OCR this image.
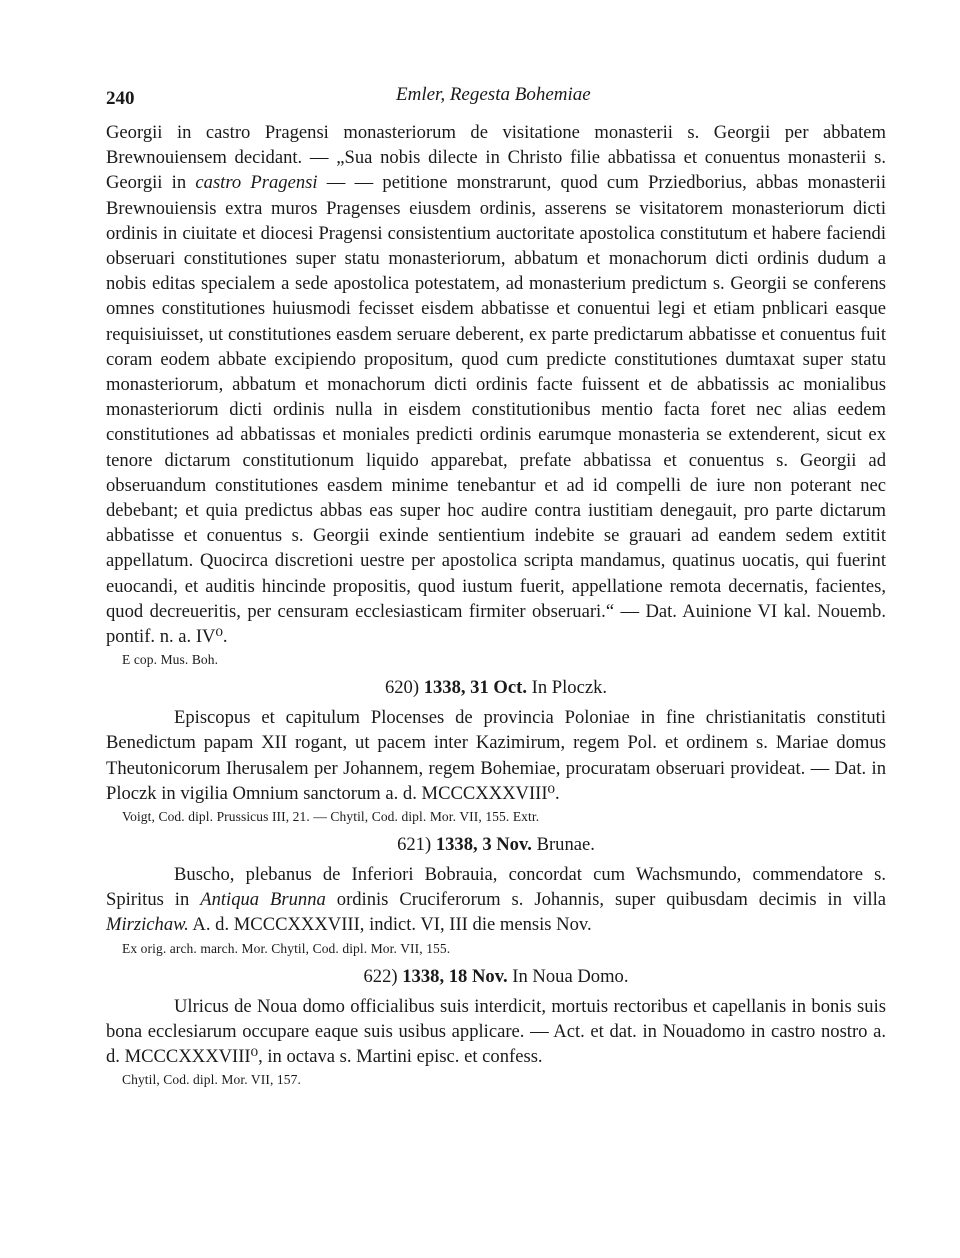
240	Emler, Regesta Bohemiae

Georgii in castro Pragensi monasteriorum de visitatione monasterii s. Georgii per abbatem Brewnouiensem decidant. — „Sua nobis dilecte in Christo filie abbatissa et conuentus monasterii s. Georgii in castro Pragensi — — petitione monstrarunt, quod cum Prziedborius, abbas monasterii Brewnouiensis extra muros Pragenses eiusdem ordinis, asserens se visitatorem monasteriorum dicti ordinis in ciuitate et diocesi Pragensi consistentium auctoritate apostolica constitutum et habere faciendi obseruari constitutiones super statu monasteriorum, abbatum et monachorum dicti ordinis dudum a nobis editas specialem a sede apostolica potestatem, ad monasterium predictum s. Georgii se conferens omnes constitutiones huiusmodi fecisset eisdem abbatisse et conuentui legi et etiam pnblicari easque requisiuisset, ut constitutiones easdem seruare deberent, ex parte predictarum abbatisse et conuentus fuit coram eodem abbate excipiendo propositum, quod cum predicte constitutiones dumtaxat super statu monasteriorum, abbatum et monachorum dicti ordinis facte fuissent et de abbatissis ac monialibus monasteriorum dicti ordinis nulla in eisdem constitutionibus mentio facta foret nec alias eedem constitutiones ad abbatissas et moniales predicti ordinis earumque monasteria se extenderent, sicut ex tenore dictarum constitutionum liquido apparebat, prefate abbatissa et conuentus s. Georgii ad obseruandum constitutiones easdem minime tenebantur et ad id compelli de iure non poterant nec debebant; et quia predictus abbas eas super hoc audire contra iustitiam denegauit, pro parte dictarum abbatisse et conuentus s. Georgii exinde sentientium indebite se grauari ad eandem sedem extitit appellatum. Quocirca discretioni uestre per apostolica scripta mandamus, quatinus uocatis, qui fuerint euocandi, et auditis hincinde propositis, quod iustum fuerit, appellatione remota decernatis, facientes, quod decreueritis, per censuram ecclesiasticam firmiter obseruari.“ — Dat. Auinione VI kal. Nouemb. pontif. n. a. IV⁰.

E cop. Mus. Boh.

620) 1338, 31 Oct. In Ploczk.

Episcopus et capitulum Plocenses de provincia Poloniae in fine christianitatis constituti Benedictum papam XII rogant, ut pacem inter Kazimirum, regem Pol. et ordinem s. Mariae domus Theutonicorum Iherusalem per Johannem, regem Bohemiae, procuratam obseruari provideat. — Dat. in Ploczk in vigilia Omnium sanctorum a. d. MCCCXXXVIII⁰.

Voigt, Cod. dipl. Prussicus III, 21. — Chytil, Cod. dipl. Mor. VII, 155. Extr.

621) 1338, 3 Nov. Brunae.

Buscho, plebanus de Inferiori Bobrauia, concordat cum Wachsmundo, commendatore s. Spiritus in Antiqua Brunna ordinis Cruciferorum s. Johannis, super quibusdam decimis in villa Mirzichaw. A. d. MCCCXXXVIII, indict. VI, III die mensis Nov.

Ex orig. arch. march. Mor. Chytil, Cod. dipl. Mor. VII, 155.

622) 1338, 18 Nov. In Noua Domo.

Ulricus de Noua domo officialibus suis interdicit, mortuis rectoribus et capellanis in bonis suis bona ecclesiarum occupare eaque suis usibus applicare. — Act. et dat. in Nouadomo in castro nostro a. d. MCCCXXXVIII⁰, in octava s. Martini episc. et confess.

Chytil, Cod. dipl. Mor. VII, 157.
